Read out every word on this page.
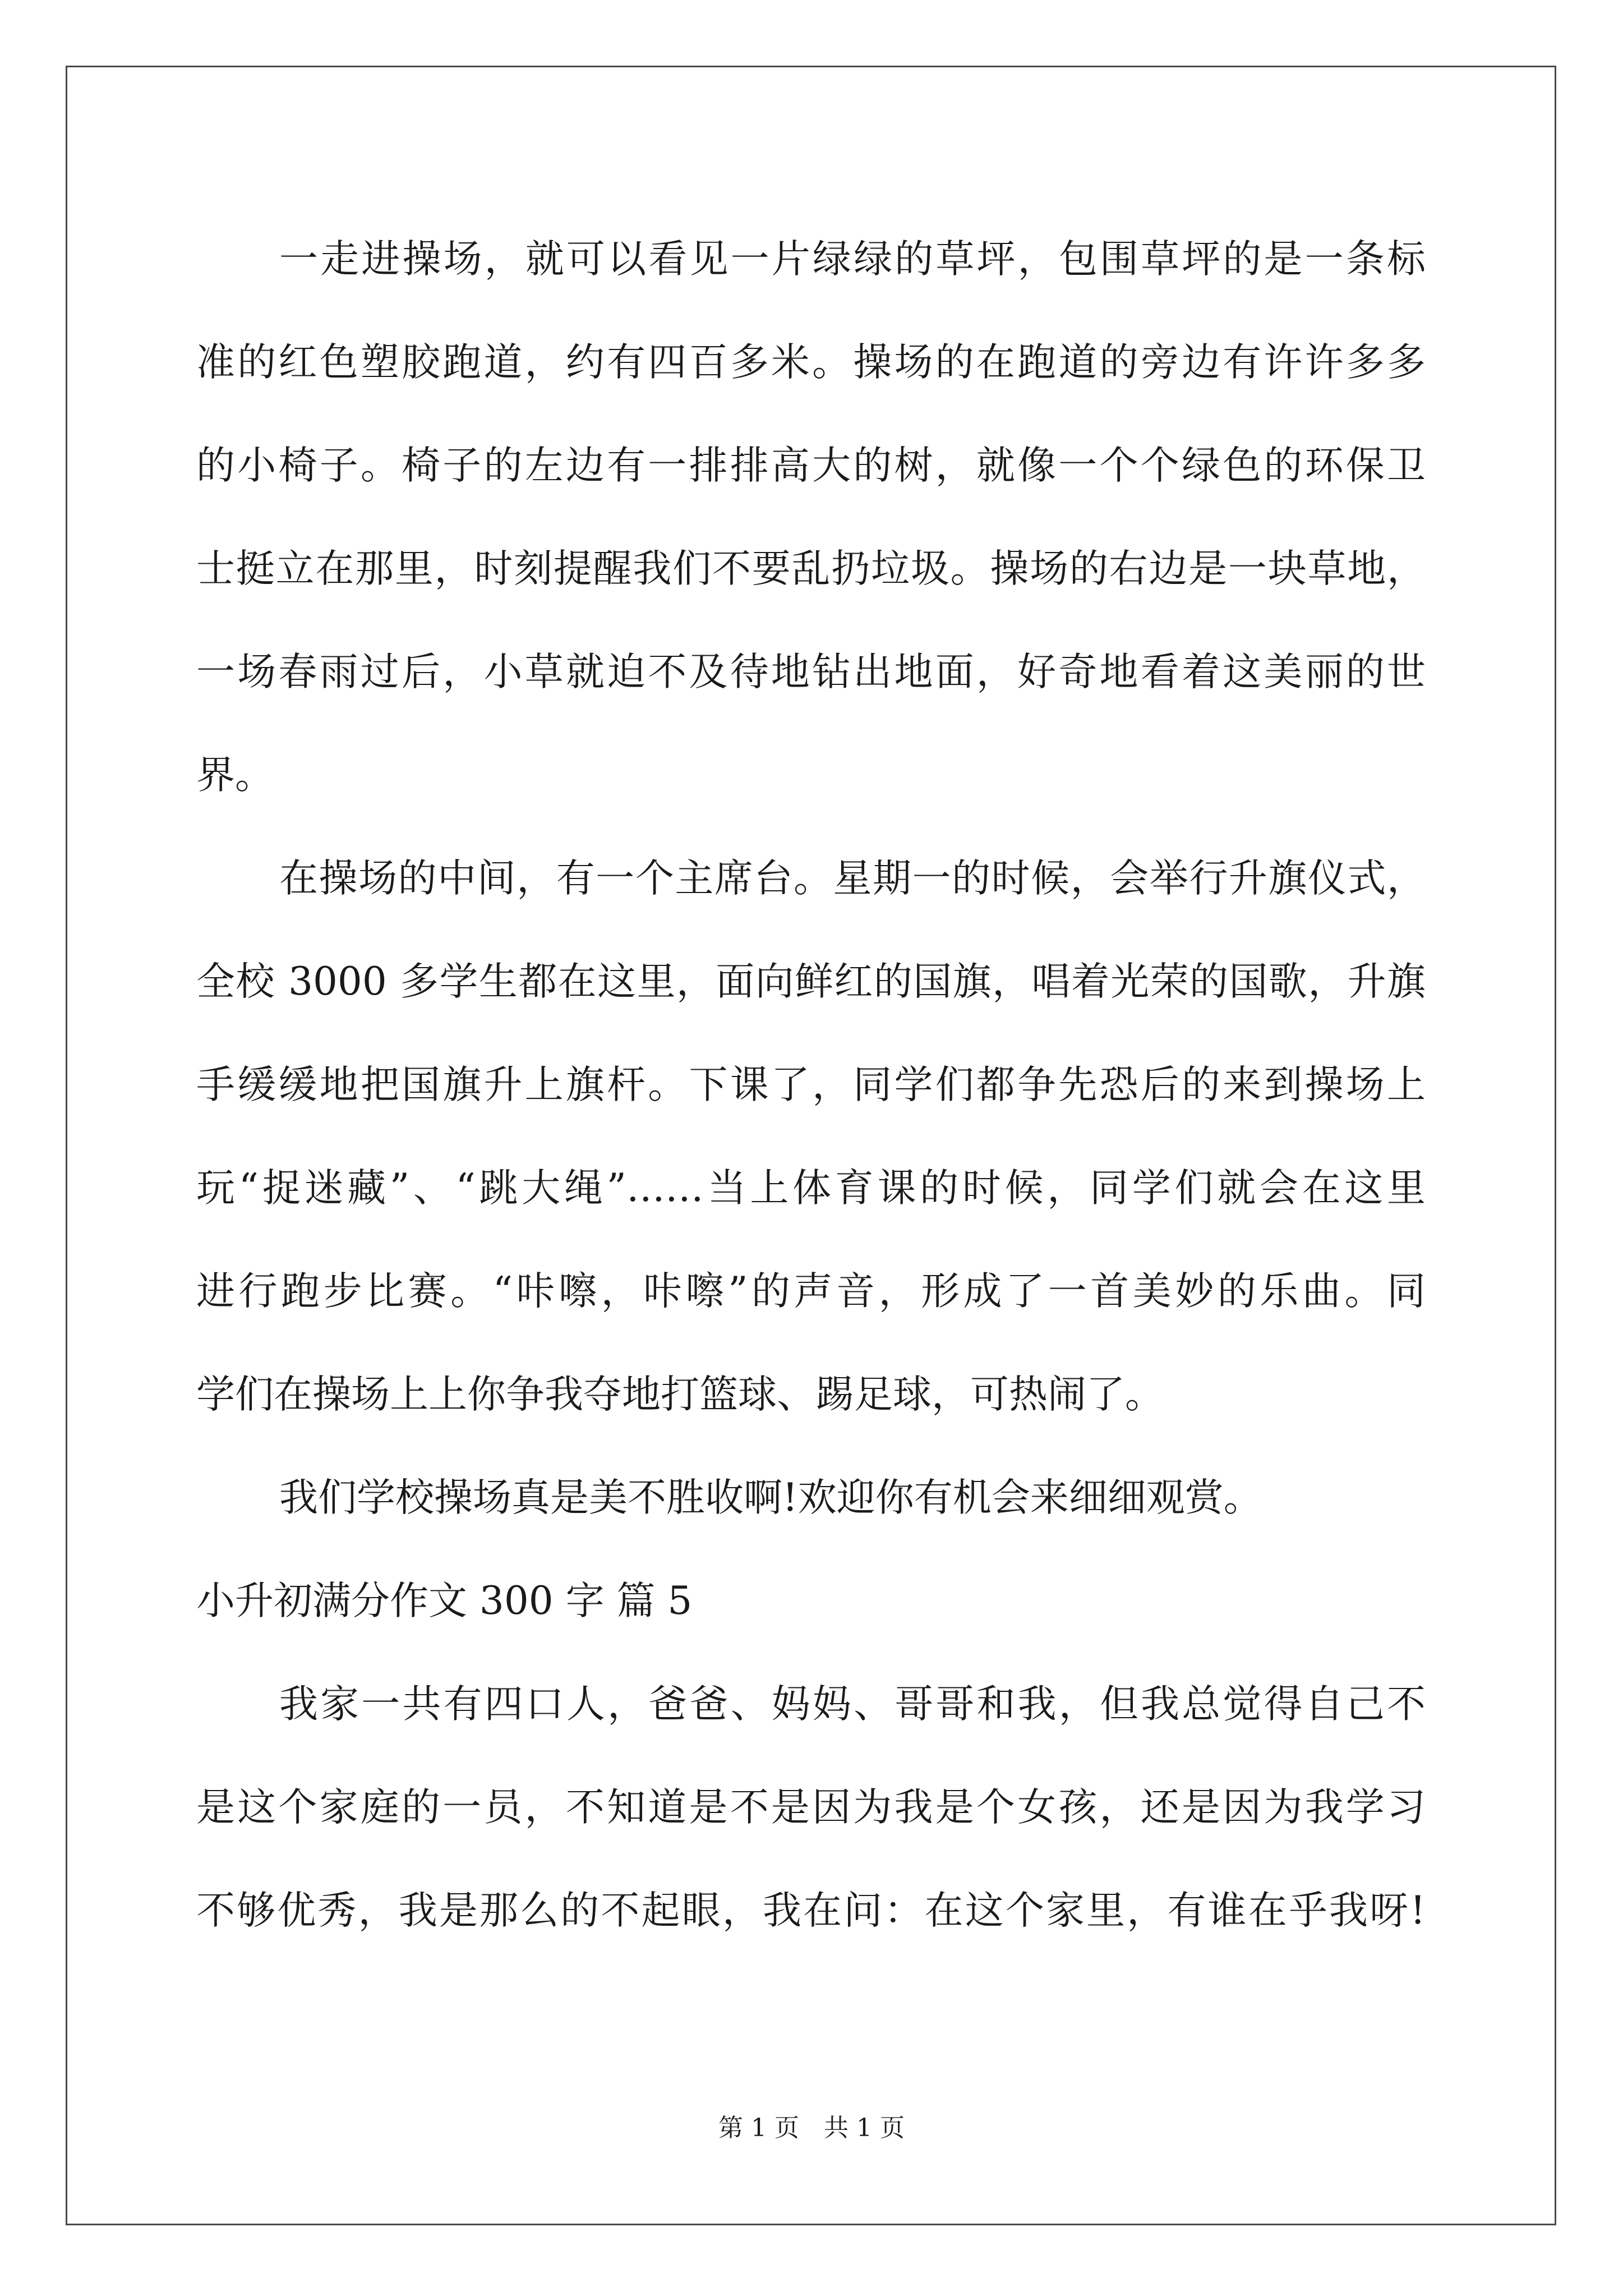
一走进操场，就可以看见一片绿绿的草坪，包围草坪的是一条标
准的红色塑胶跑道，约有四百多米。操场的在跑道的旁边有许许多多
的小椅子。椅子的左边有一排排高大的树，就像一个个绿色的环保卫
士挺立在那里，时刻提醒我们不要乱扔垃圾。操场的右边是一块草地，
一场春雨过后，小草就迫不及待地钻出地面，好奇地看着这美丽的世
界。
在操场的中间，有一个主席台。星期一的时候，会举行升旗仪式，
全校 3000 多学生都在这里，面向鲜红的国旗，唱着光荣的国歌，升旗
手缓缓地把国旗升上旗杆。下课了，同学们都争先恐后的来到操场上
玩“捉迷藏”、“跳大绳”……当上体育课的时候，同学们就会在这里
进行跑步比赛。“咔嚓，咔嚓”的声音，形成了一首美妙的乐曲。同
学们在操场上上你争我夺地打篮球、踢足球，可热闹了。
我们学校操场真是美不胜收啊!欢迎你有机会来细细观赏。
小升初满分作文 300 字 篇 5
我家一共有四口人，爸爸、妈妈、哥哥和我，但我总觉得自己不
是这个家庭的一员，不知道是不是因为我是个女孩，还是因为我学习
不够优秀，我是那么的不起眼，我在问：在这个家里，有谁在乎我呀!
第 1 页　共 1 页
